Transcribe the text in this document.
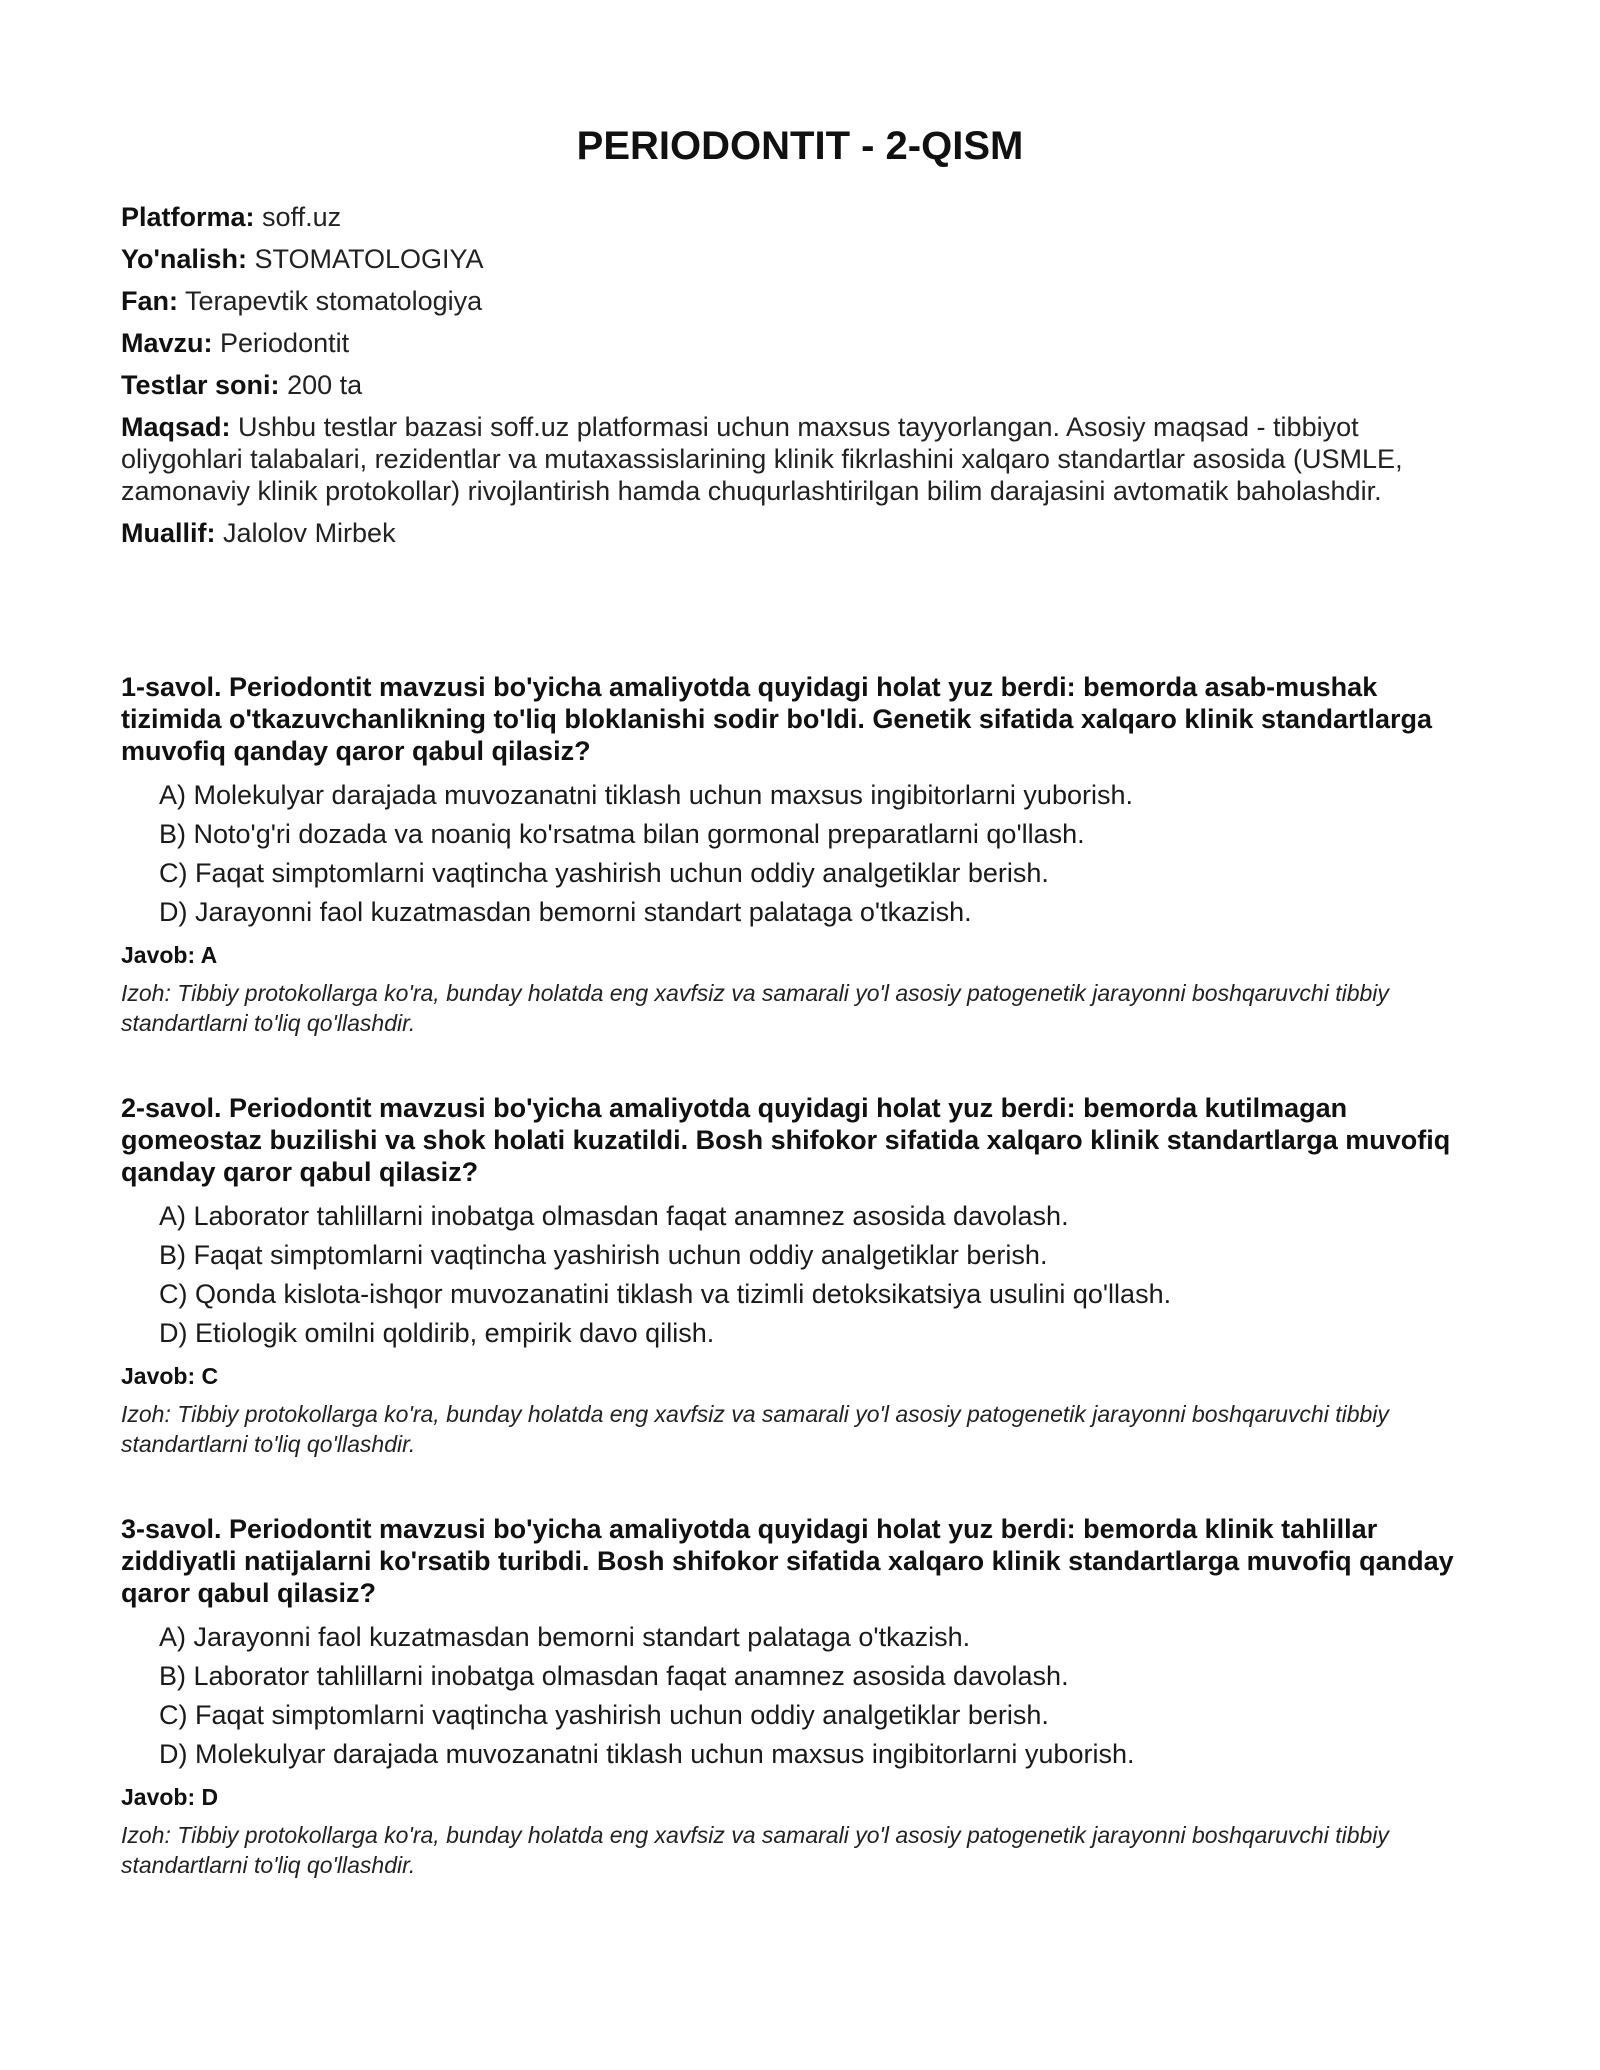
PERIODONTIT - 2-QISM
Platforma: soff.uz
Yo'nalish: STOMATOLOGIYA
Fan: Terapevtik stomatologiya
Mavzu: Periodontit
Testlar soni: 200 ta
Maqsad: Ushbu testlar bazasi soff.uz platformasi uchun maxsus tayyorlangan. Asosiy maqsad - tibbiyot oliygohlari talabalari, rezidentlar va mutaxassislarining klinik fikrlashini xalqaro standartlar asosida (USMLE, zamonaviy klinik protokollar) rivojlantirish hamda chuqurlashtirilgan bilim darajasini avtomatik baholashdir.
Muallif: Jalolov Mirbek

1-savol. Periodontit mavzusi bo'yicha amaliyotda quyidagi holat yuz berdi: bemorda asab-mushak tizimida o'tkazuvchanlikning to'liq bloklanishi sodir bo'ldi. Genetik sifatida xalqaro klinik standartlarga muvofiq qanday qaror qabul qilasiz?

A) Molekulyar darajada muvozanatni tiklash uchun maxsus ingibitorlarni yuborish.
B) Noto'g'ri dozada va noaniq ko'rsatma bilan gormonal preparatlarni qo'llash.
C) Faqat simptomlarni vaqtincha yashirish uchun oddiy analgetiklar berish.
D) Jarayonni faol kuzatmasdan bemorni standart palataga o'tkazish.

Javob: A

Izoh: Tibbiy protokollarga ko'ra, bunday holatda eng xavfsiz va samarali yo'l asosiy patogenetik jarayonni boshqaruvchi tibbiy standartlarni to'liq qo'llashdir.

2-savol. Periodontit mavzusi bo'yicha amaliyotda quyidagi holat yuz berdi: bemorda kutilmagan gomeostaz buzilishi va shok holati kuzatildi. Bosh shifokor sifatida xalqaro klinik standartlarga muvofiq qanday qaror qabul qilasiz?

A) Laborator tahlillarni inobatga olmasdan faqat anamnez asosida davolash.
B) Faqat simptomlarni vaqtincha yashirish uchun oddiy analgetiklar berish.
C) Qonda kislota-ishqor muvozanatini tiklash va tizimli detoksikatsiya usulini qo'llash.
D) Etiologik omilni qoldirib, empirik davo qilish.

Javob: C

Izoh: Tibbiy protokollarga ko'ra, bunday holatda eng xavfsiz va samarali yo'l asosiy patogenetik jarayonni boshqaruvchi tibbiy standartlarni to'liq qo'llashdir.

3-savol. Periodontit mavzusi bo'yicha amaliyotda quyidagi holat yuz berdi: bemorda klinik tahlillar ziddiyatli natijalarni ko'rsatib turibdi. Bosh shifokor sifatida xalqaro klinik standartlarga muvofiq qanday qaror qabul qilasiz?

A) Jarayonni faol kuzatmasdan bemorni standart palataga o'tkazish.
B) Laborator tahlillarni inobatga olmasdan faqat anamnez asosida davolash.
C) Faqat simptomlarni vaqtincha yashirish uchun oddiy analgetiklar berish.
D) Molekulyar darajada muvozanatni tiklash uchun maxsus ingibitorlarni yuborish.

Javob: D

Izoh: Tibbiy protokollarga ko'ra, bunday holatda eng xavfsiz va samarali yo'l asosiy patogenetik jarayonni boshqaruvchi tibbiy standartlarni to'liq qo'llashdir.
